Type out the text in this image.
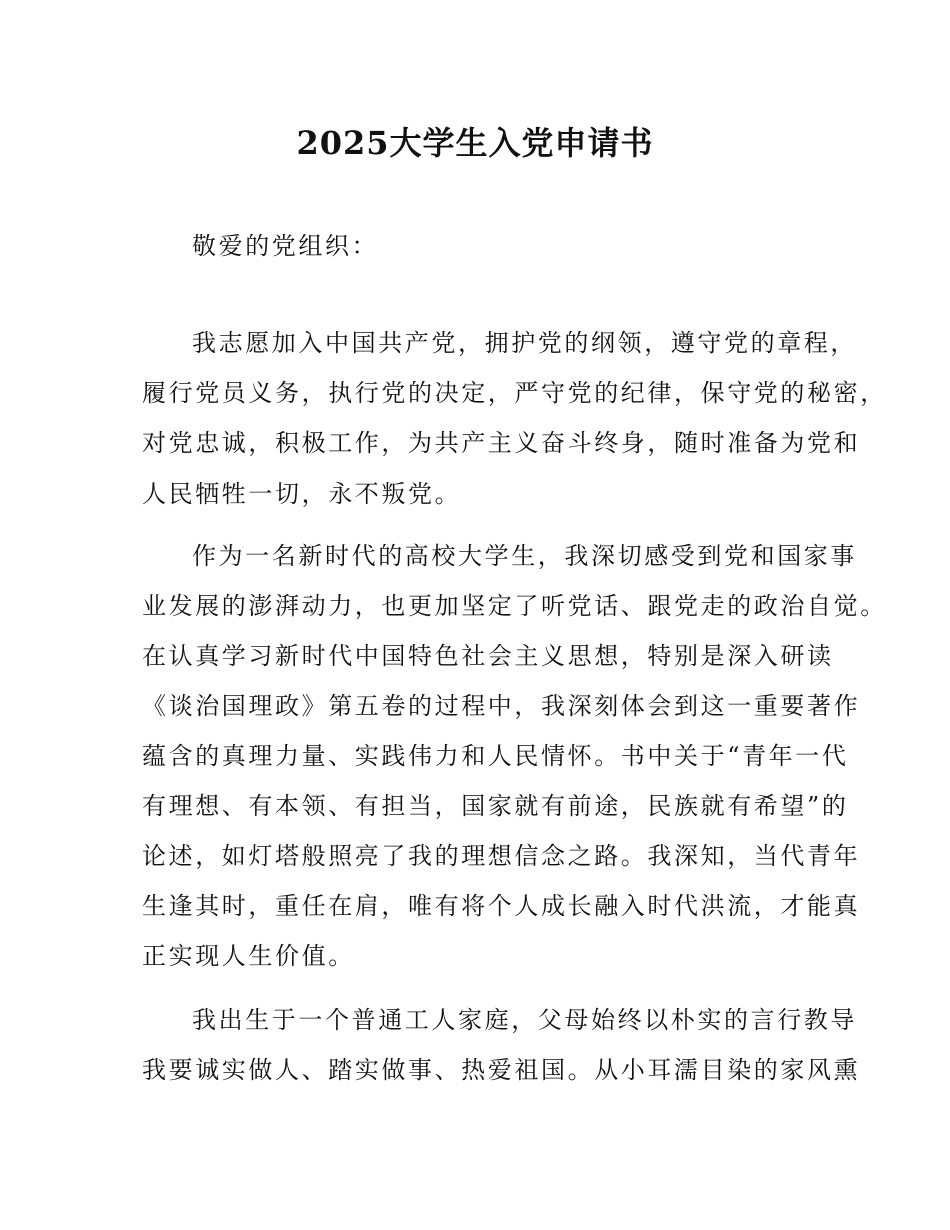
2025大学生入党申请书
敬爱的党组织：
我志愿加入中国共产党，拥护党的纲领，遵守党的章程，
履行党员义务，执行党的决定，严守党的纪律，保守党的秘密，
对党忠诚，积极工作，为共产主义奋斗终身，随时准备为党和
人民牺牲一切，永不叛党。
作为一名新时代的高校大学生，我深切感受到党和国家事
业发展的澎湃动力，也更加坚定了听党话、跟党走的政治自觉。
在认真学习新时代中国特色社会主义思想，特别是深入研读
《谈治国理政》第五卷的过程中，我深刻体会到这一重要著作
蕴含的真理力量、实践伟力和人民情怀。书中关于“青年一代
有理想、有本领、有担当，国家就有前途，民族就有希望”的
论述，如灯塔般照亮了我的理想信念之路。我深知，当代青年
生逢其时，重任在肩，唯有将个人成长融入时代洪流，才能真
正实现人生价值。
我出生于一个普通工人家庭，父母始终以朴实的言行教导
我要诚实做人、踏实做事、热爱祖国。从小耳濡目染的家风熏
